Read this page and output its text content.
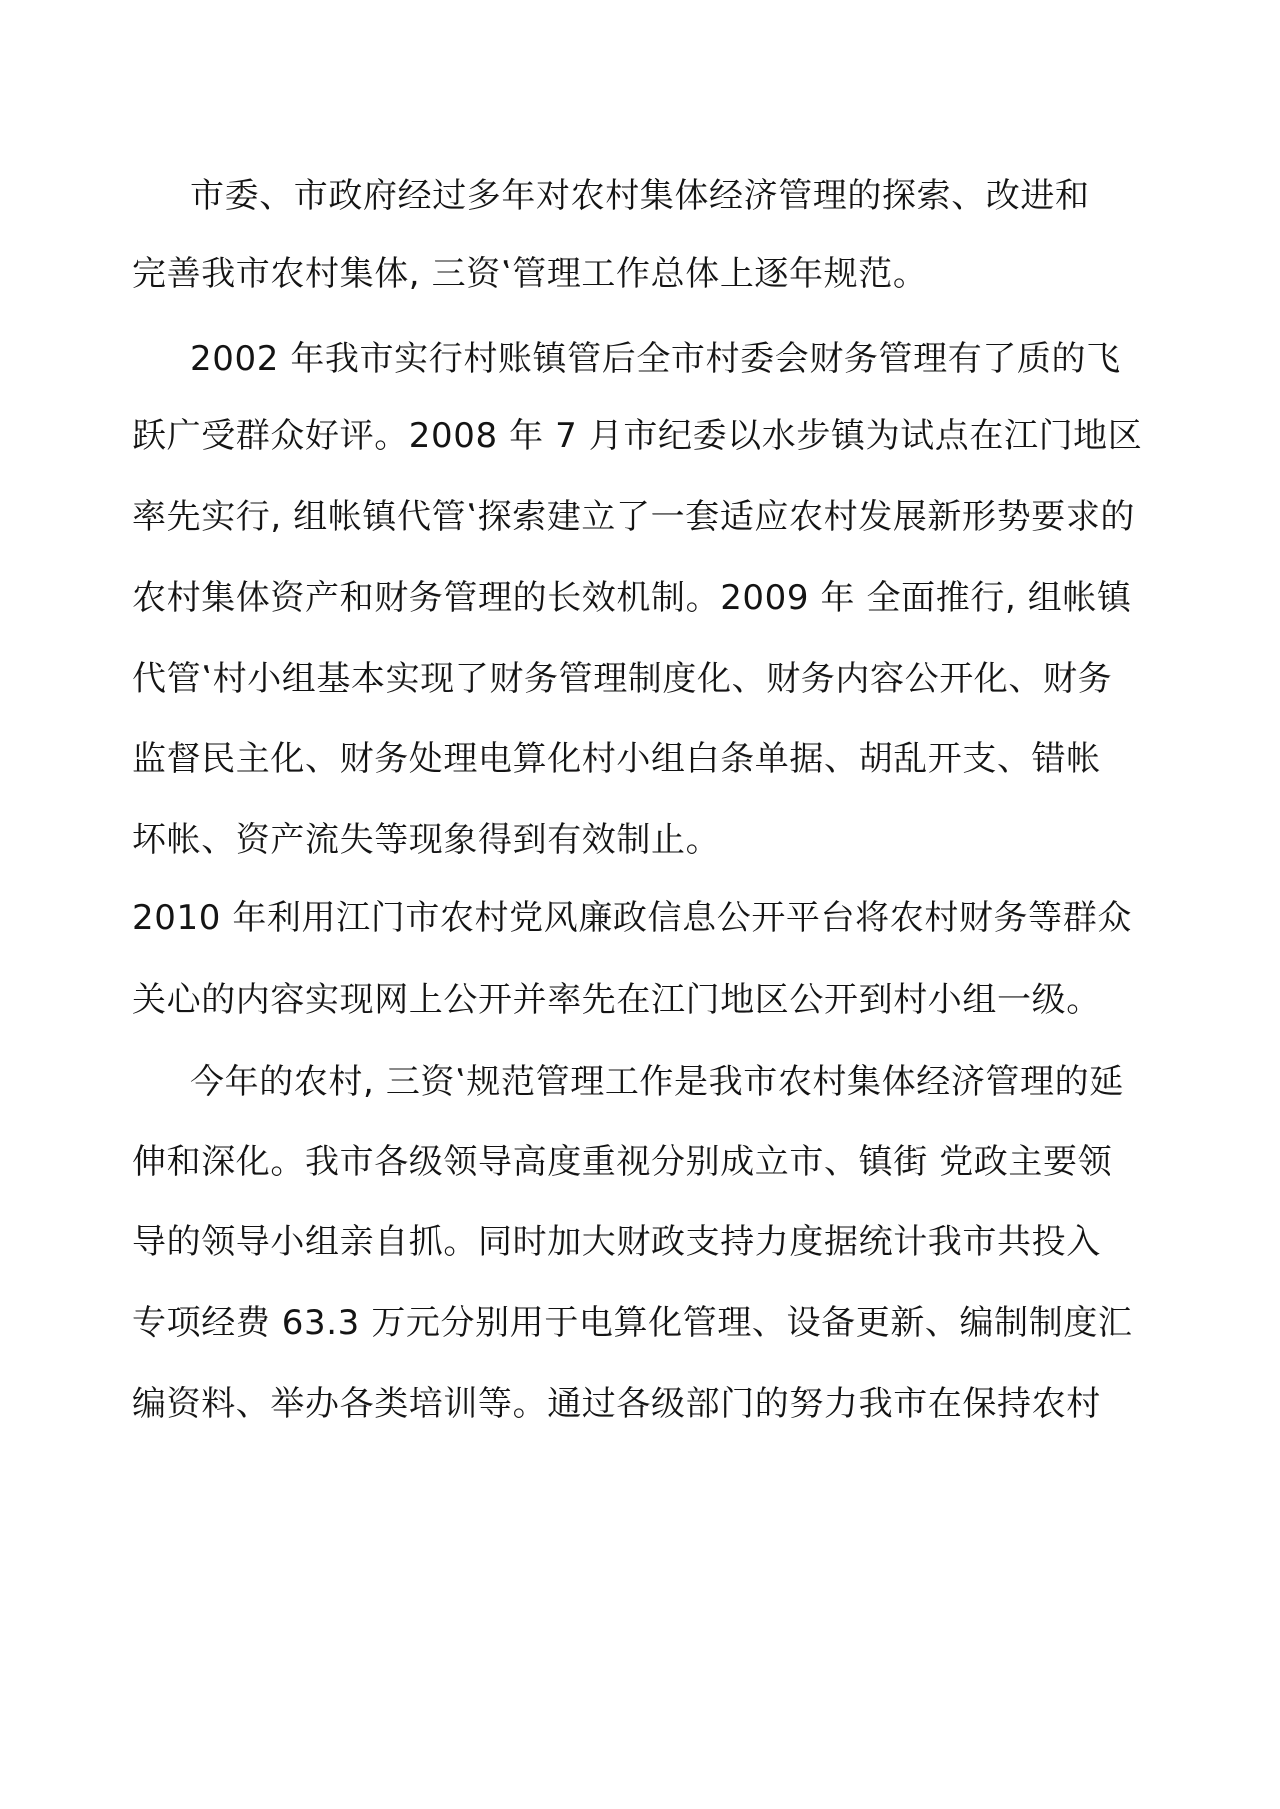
市委、市政府经过多年对农村集体经济管理的探索、改进和
完善我市农村集体, 三资‛管理工作总体上逐年规范。
2002 年我市实行村账镇管后全市村委会财务管理有了质的飞
跃广受群众好评。2008 年 7 月市纪委以水步镇为试点在江门地区
率先实行, 组帐镇代管‛探索建立了一套适应农村发展新形势要求的
农村集体资产和财务管理的长效机制。2009 年 全面推行, 组帐镇
代管‛村小组基本实现了财务管理制度化、财务内容公开化、财务
监督民主化、财务处理电算化村小组白条单据、胡乱开支、错帐
坏帐、资产流失等现象得到有效制止。
2010 年利用江门市农村党风廉政信息公开平台将农村财务等群众
关心的内容实现网上公开并率先在江门地区公开到村小组一级。
今年的农村, 三资‛规范管理工作是我市农村集体经济管理的延
伸和深化。我市各级领导高度重视分别成立市、镇街 党政主要领
导的领导小组亲自抓。同时加大财政支持力度据统计我市共投入
专项经费 63.3 万元分别用于电算化管理、设备更新、编制制度汇
编资料、举办各类培训等。通过各级部门的努力我市在保持农村
